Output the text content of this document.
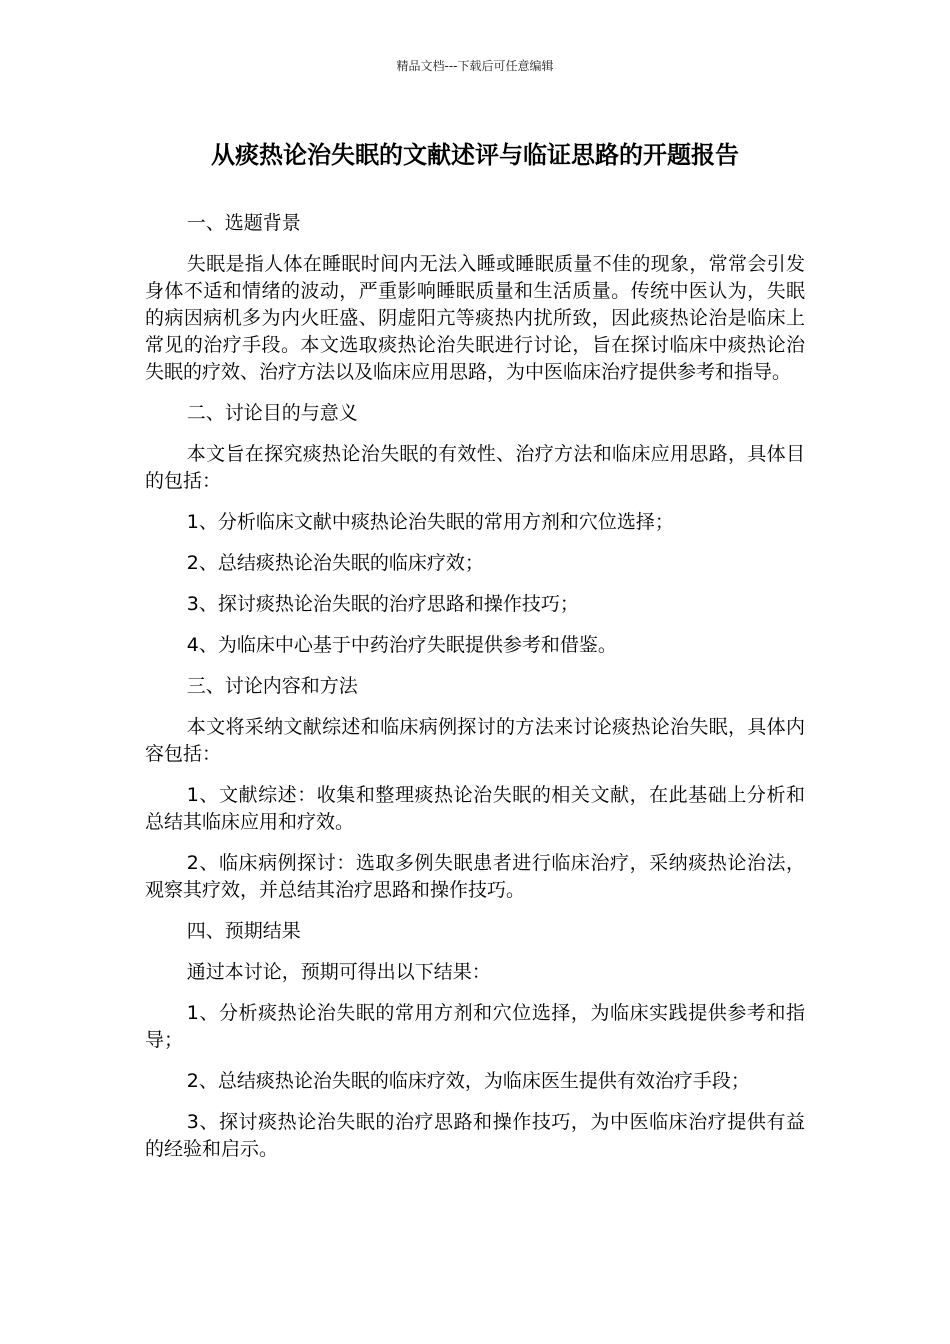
精品文档---下载后可任意编辑
从痰热论治失眠的文献述评与临证思路的开题报告
一、选题背景

失眠是指人体在睡眠时间内无法入睡或睡眠质量不佳的现象，常常会引发身体不适和情绪的波动，严重影响睡眠质量和生活质量。传统中医认为，失眠的病因病机多为内火旺盛、阴虚阳亢等痰热内扰所致，因此痰热论治是临床上常见的治疗手段。本文选取痰热论治失眠进行讨论，旨在探讨临床中痰热论治失眠的疗效、治疗方法以及临床应用思路，为中医临床治疗提供参考和指导。

二、讨论目的与意义

本文旨在探究痰热论治失眠的有效性、治疗方法和临床应用思路，具体目的包括：

1、分析临床文献中痰热论治失眠的常用方剂和穴位选择；

2、总结痰热论治失眠的临床疗效；

3、探讨痰热论治失眠的治疗思路和操作技巧；

4、为临床中心基于中药治疗失眠提供参考和借鉴。

三、讨论内容和方法

本文将采纳文献综述和临床病例探讨的方法来讨论痰热论治失眠，具体内容包括：

1、文献综述：收集和整理痰热论治失眠的相关文献，在此基础上分析和总结其临床应用和疗效。

2、临床病例探讨：选取多例失眠患者进行临床治疗，采纳痰热论治法，观察其疗效，并总结其治疗思路和操作技巧。

四、预期结果

通过本讨论，预期可得出以下结果：

1、分析痰热论治失眠的常用方剂和穴位选择，为临床实践提供参考和指导；

2、总结痰热论治失眠的临床疗效，为临床医生提供有效治疗手段；

3、探讨痰热论治失眠的治疗思路和操作技巧，为中医临床治疗提供有益的经验和启示。
